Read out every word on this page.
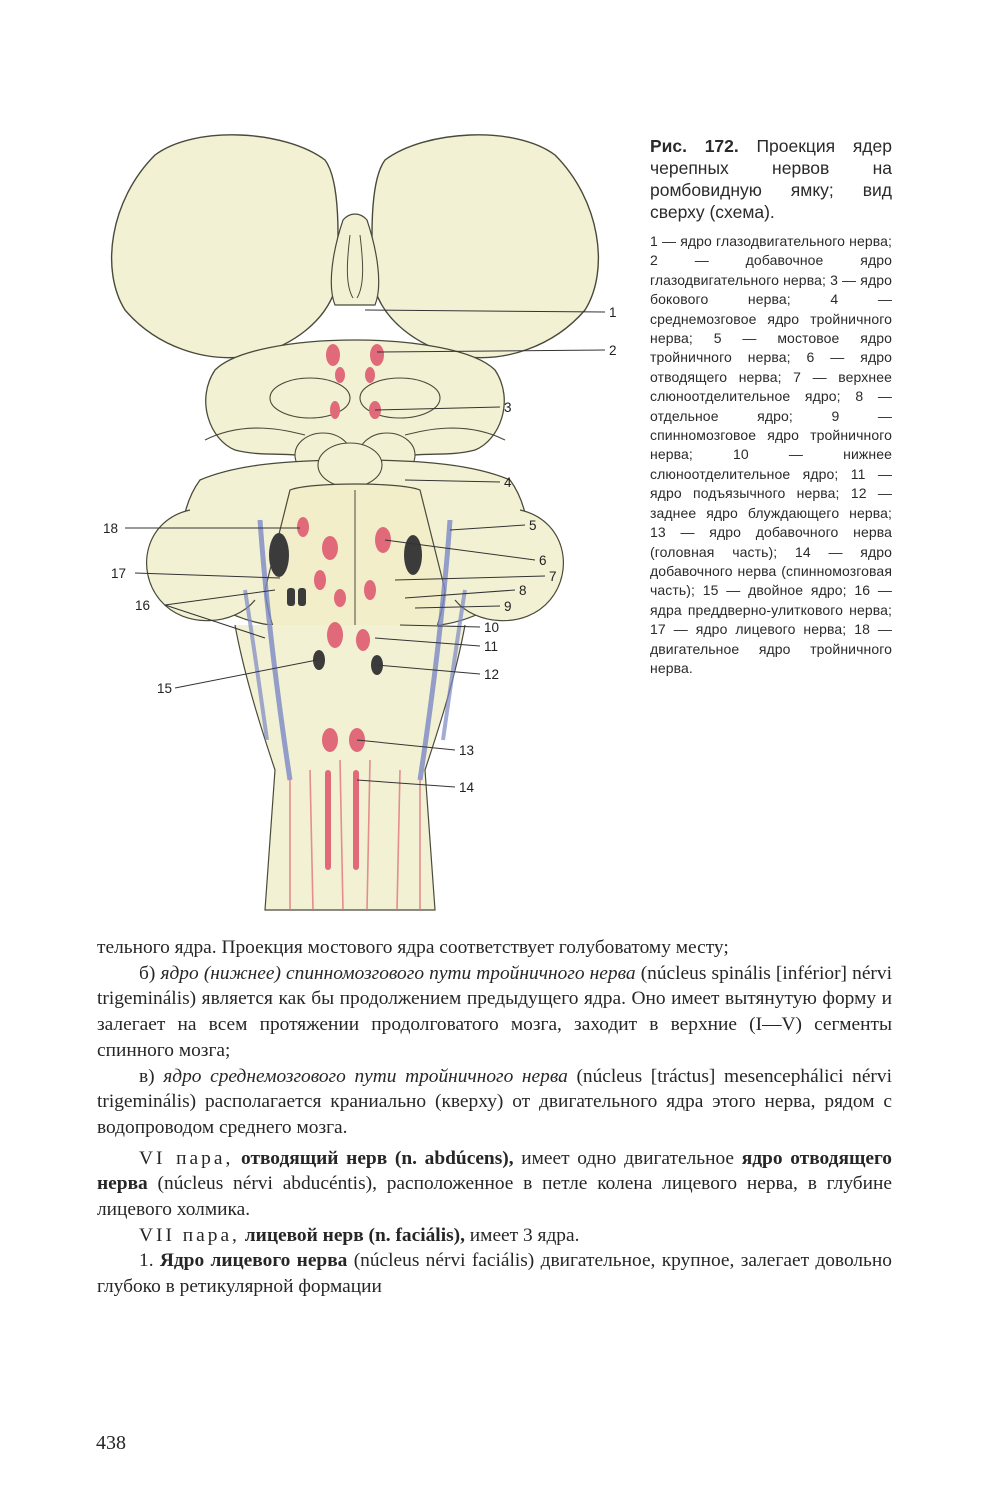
1
2
3
4
5
6
7
8
9
10
11
12
13
14
15
16
17
18

Рис. 172. Проекция ядер черепных нервов на ромбовидную ямку; вид сверху (схема).

1 — ядро глазодвигательного нерва; 2 — добавочное ядро глазодвигательного нерва; 3 — ядро бокового нерва; 4 — среднемозговое ядро тройничного нерва; 5 — мостовое ядро тройничного нерва; 6 — ядро отводящего нерва; 7 — верхнее слюноотделительное ядро; 8 — отдельное ядро; 9 — спинномозговое ядро тройничного нерва; 10 — нижнее слюноотделительное ядро; 11 — ядро подъязычного нерва; 12 — заднее ядро блуждающего нерва; 13 — ядро добавочного нерва (головная часть); 14 — ядро добавочного нерва (спинномозговая часть); 15 — двойное ядро; 16 — ядра преддверно-улиткового нерва; 17 — ядро лицевого нерва; 18 — двигательное ядро тройничного нерва.

тельного ядра. Проекция мостового ядра соответствует голубоватому месту;

б) ядро (нижнее) спинномозгового пути тройничного нерва (núcleus spinális [inférior] nérvi trigeminális) является как бы продолжением предыдущего ядра. Оно имеет вытянутую форму и залегает на всем протяжении продолговатого мозга, заходит в верхние (I—V) сегменты спинного мозга;

в) ядро среднемозгового пути тройничного нерва (núcleus [tráctus] mesencephálici nérvi trigeminális) располагается краниально (кверху) от двигательного ядра этого нерва, рядом с водопроводом среднего мозга.

VI пара, отводящий нерв (n. abdúcens), имеет одно двигательное ядро отводящего нерва (núcleus nérvi abducéntis), расположенное в петле колена лицевого нерва, в глубине лицевого холмика.

VII пара, лицевой нерв (n. faciális), имеет 3 ядра.

1. Ядро лицевого нерва (núcleus nérvi faciális) двигательное, крупное, залегает довольно глубоко в ретикулярной формации

438
